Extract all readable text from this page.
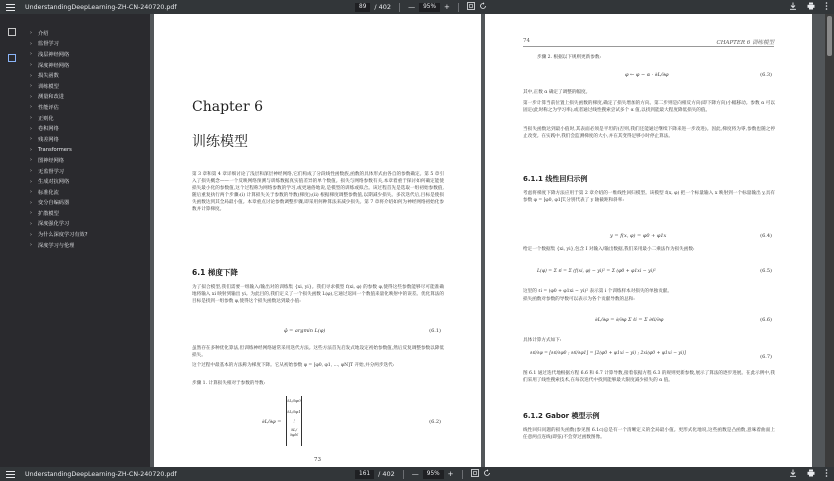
UnderstandingDeepLearning-ZH-CN-240720.pdf	89	/ 402 —	95%	+
›	介绍
›	监督学习
›	浅层神经网络
›	深度神经网络
›	损失函数
›	训练模型
›	测量和改进
›	性能评估
›	正则化
›	卷积网络
›	残差网络
›	Transformers
›	图神经网络
›	无监督学习
›	生成对抗网络
›	标准化流
›	变分自编码器
›	扩散模型
›	深度强化学习
›	为什么深度学习有效?
›	深度学习与伦理
Chapter 6
训练模型
第 3 章和第 4 章详细讨论了浅层和深层神经网络,它们构成了分段线性函数族,函数的具体形式由各自的参数确定。第 5 章引入了损失概念——一个反映网络预测与训练数据真实值差异的单个数值。损失与网络参数有关,本章着重于探讨如何确定能使损失最小化的参数值,这个过程称为网络参数的学习,或更通俗地说,是模型的训练或拟合。该过程首先是选取一组初始参数值,随后重复执行两个步骤:(i) 计算损失关于参数的导数(梯度);(ii) 根据梯度调整参数值,以期减少损失。多次迭代后,目标是使损失函数达到其全局最小值。本章重点讨论参数调整步骤,即采用何种算法来减少损失。第 7 章将介绍如何为神经网络初始化参数并计算梯度。
6.1 梯度下降
为了拟合模型,我们需要一组输入/输出对的训练集 {xi, yi}。我们寻求模型 f(xi, φ) 的参数 φ,使得这些参数能够尽可能准确地将输入 xi 映射到输出 yi。为此目的,我们定义了一个损失函数 L(φ),它通过返回一个数值来量化映射中的误差。优化算法的目标是找到一组参数 φ,使得这个损失函数达到最小值:
φ̂ = argmin L(φ)	(6.1)
虽然存在多种优化算法,但训练神经网络通常采用迭代方法。这些方法首先启发式地设定初始参数值,然后反复调整参数以降低损失。
这个过程中最基本的方法称为梯度下降。它从初始参数 φ = [φ0, φ1, ..., φN]T 开始,并分两步迭代:
步骤 1. 计算损失相对于参数的导数:
∂L/∂φ =
∂L/∂φ0
∂L/∂φ1
⋮
∂L/∂φN
(6.2)
73
74	CHAPTER 6 训练模型
步骤 2. 根据以下规则更新参数:
φ ← φ − α · ∂L/∂φ	(6.3)
其中,正数 α 确定了调整的幅度。
第一步计算当前位置上损失函数的梯度,确定了损失增加的方向。第二步则是向相反方向(即下降方向)小幅移动。参数 α 可以固定(此时称之为学习率),或者通过线性搜索尝试多个 α 值,以找到能最大程度降低损失的值。
当损失函数达到最小值时,其表面必须是平坦的(否则,我们还能通过继续下降来进一步改进)。因此,梯度将为零,参数也随之停止改变。在实践中,我们会监测梯度的大小,并在其变得足够小时停止算法。
6.1.1 线性回归示例
考虑将梯度下降方法应用于第 2 章介绍的一维线性回归模型。该模型 f(x, φ) 把一个标量输入 x 映射到一个标量输出 y,具有参数 φ = [φ0, φ1]T,分别代表了 y 轴截距和斜率:
y = f(x, φ) = φ0 + φ1x	(6.4)
给定一个数据集 {xi, yi},包含 I 对输入/输出数据,我们采用最小二乘法作为损失函数:
L(φ) = Σ ℓi = Σ (f(xi, φ) − yi)² = Σ (φ0 + φ1xi − yi)²	(6.5)
这里的 ℓi = (φ0 + φ1xi − yi)² 表示第 i 个训练样本对损失的单独贡献。
损失函数对参数的导数可以表示为各个贡献导数的总和:
∂L/∂φ = ∂/∂φ Σ ℓi = Σ ∂ℓi/∂φ	(6.6)
具体计算方式如下:
∂ℓi/∂φ = [∂ℓi/∂φ0 ; ∂ℓi/∂φ1] = [2(φ0 + φ1xi − yi) ; 2xi(φ0 + φ1xi − yi)]
(6.7)
图 6.1 通过迭代地根据方程 6.6 和 6.7 计算导数,接着依据方程 6.3 的规则更新参数,展示了算法的逐步进展。在此示例中,我们采用了线性搜索技术,在每次迭代中找到能够最大限度减少损失的 α 值。
6.1.2 Gabor 模型示例
线性回归问题的损失函数(参见图 6.1c)总是有一个清晰定义的全局最小值。更形式化地说,这些函数是凸函数,意味着曲面上任意两点连线(即弦)不会穿过函数图像。
UnderstandingDeepLearning-ZH-CN-240720.pdf	161	/ 402 —	95%	+
